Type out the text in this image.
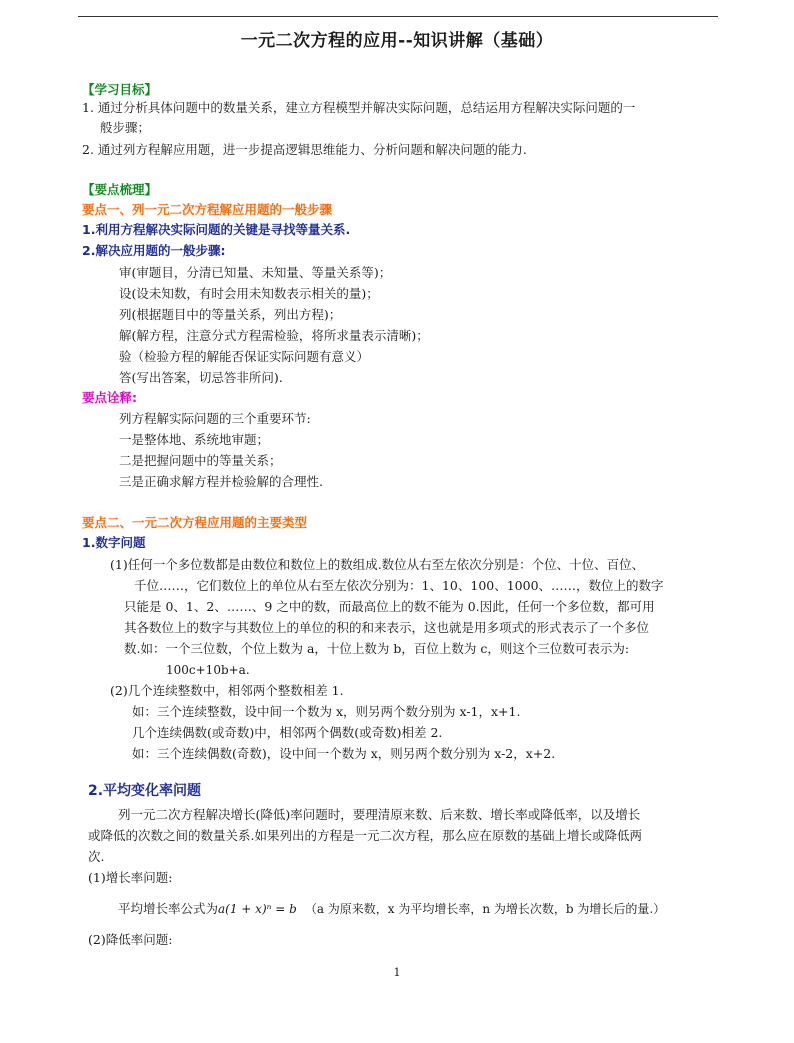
一元二次方程的应用--知识讲解（基础）
【学习目标】
1. 通过分析具体问题中的数量关系，建立方程模型并解决实际问题，总结运用方程解决实际问题的一
般步骤；
2. 通过列方程解应用题，进一步提高逻辑思维能力、分析问题和解决问题的能力.
【要点梳理】
要点一、列一元二次方程解应用题的一般步骤
1.利用方程解决实际问题的关键是寻找等量关系.
2.解决应用题的一般步骤:
审(审题目，分清已知量、未知量、等量关系等)；
设(设未知数，有时会用未知数表示相关的量)；
列(根据题目中的等量关系，列出方程)；
解(解方程，注意分式方程需检验，将所求量表示清晰)；
验（检验方程的解能否保证实际问题有意义）
答(写出答案，切忌答非所问).
要点诠释:
列方程解实际问题的三个重要环节:
一是整体地、系统地审题；
二是把握问题中的等量关系；
三是正确求解方程并检验解的合理性.
要点二、一元二次方程应用题的主要类型
1.数字问题
(1)任何一个多位数都是由数位和数位上的数组成.数位从右至左依次分别是：个位、十位、百位、
千位……，它们数位上的单位从右至左依次分别为：1、10、100、1000、……，数位上的数字
只能是 0、1、2、……、9 之中的数，而最高位上的数不能为 0.因此，任何一个多位数，都可用
其各数位上的数字与其数位上的单位的积的和来表示，这也就是用多项式的形式表示了一个多位
数.如：一个三位数，个位上数为 a，十位上数为 b，百位上数为 c，则这个三位数可表示为:
100c+10b+a.
(2)几个连续整数中，相邻两个整数相差 1.
如：三个连续整数，设中间一个数为 x，则另两个数分别为 x-1，x+1.
几个连续偶数(或奇数)中，相邻两个偶数(或奇数)相差 2.
如：三个连续偶数(奇数)，设中间一个数为 x，则另两个数分别为 x-2，x+2.
2.平均变化率问题
列一元二次方程解决增长(降低)率问题时，要理清原来数、后来数、增长率或降低率，以及增长
或降低的次数之间的数量关系.如果列出的方程是一元二次方程，那么应在原数的基础上增长或降低两
次.
(1)增长率问题:
平均增长率公式为a(1 + x)ⁿ = b （a 为原来数，x 为平均增长率，n 为增长次数，b 为增长后的量.）
(2)降低率问题:
1
